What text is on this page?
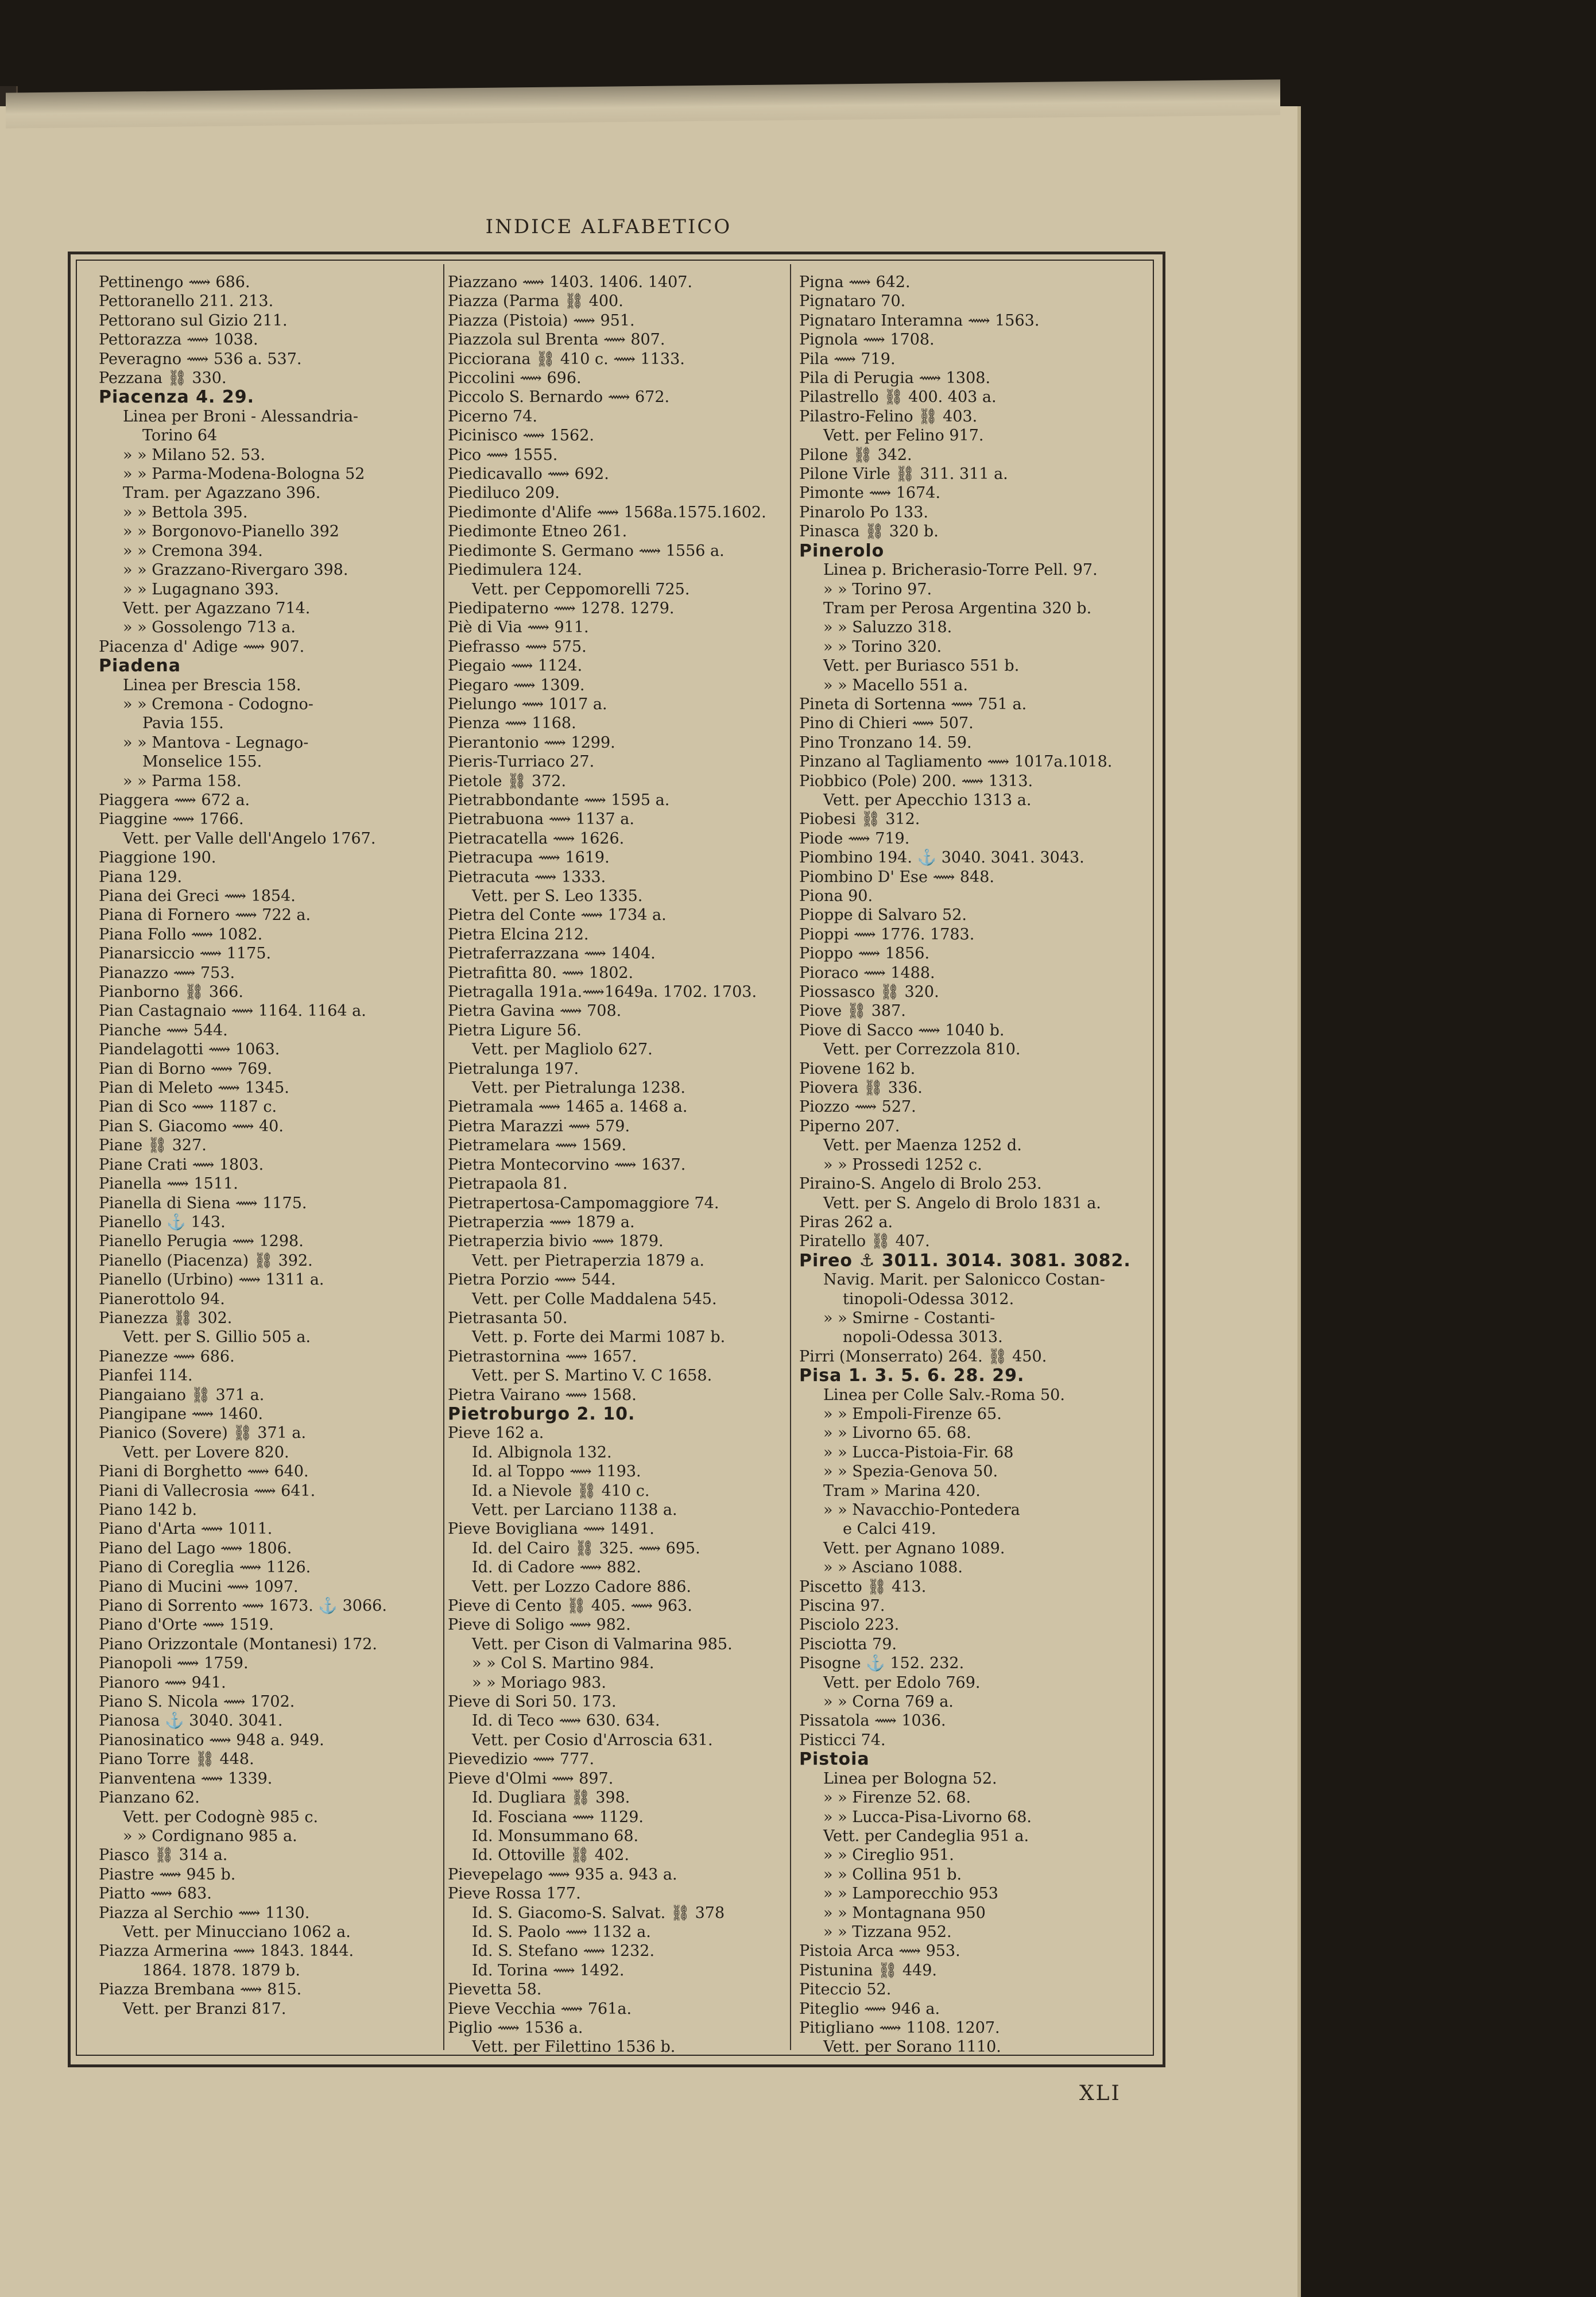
INDICE ALFABETICO
Pettinengo ⟿ 686.
Pettoranello 211. 213.
Pettorano sul Gizio 211.
Pettorazza ⟿ 1038.
Peveragno ⟿ 536 a. 537.
Pezzana ⛓ 330.
Piacenza 4. 29.
Linea per Broni - Alessandria-
Torino 64
» » Milano 52. 53.
» » Parma-Modena-Bologna 52
Tram. per Agazzano 396.
» » Bettola 395.
» » Borgonovo-Pianello 392
» » Cremona 394.
» » Grazzano-Rivergaro 398.
» » Lugagnano 393.
Vett. per Agazzano 714.
» » Gossolengo 713 a.
Piacenza d' Adige ⟿ 907.
Piadena
Linea per Brescia 158.
» » Cremona - Codogno-
Pavia 155.
» » Mantova - Legnago-
Monselice 155.
» » Parma 158.
Piaggera ⟿ 672 a.
Piaggine ⟿ 1766.
Vett. per Valle dell'Angelo 1767.
Piaggione 190.
Piana 129.
Piana dei Greci ⟿ 1854.
Piana di Fornero ⟿ 722 a.
Piana Follo ⟿ 1082.
Pianarsiccio ⟿ 1175.
Pianazzo ⟿ 753.
Pianborno ⛓ 366.
Pian Castagnaio ⟿ 1164. 1164 a.
Pianche ⟿ 544.
Piandelagotti ⟿ 1063.
Pian di Borno ⟿ 769.
Pian di Meleto ⟿ 1345.
Pian di Sco ⟿ 1187 c.
Pian S. Giacomo ⟿ 40.
Piane ⛓ 327.
Piane Crati ⟿ 1803.
Pianella ⟿ 1511.
Pianella di Siena ⟿ 1175.
Pianello ⚓ 143.
Pianello Perugia ⟿ 1298.
Pianello (Piacenza) ⛓ 392.
Pianello (Urbino) ⟿ 1311 a.
Pianerottolo 94.
Pianezza ⛓ 302.
Vett. per S. Gillio 505 a.
Pianezze ⟿ 686.
Pianfei 114.
Piangaiano ⛓ 371 a.
Piangipane ⟿ 1460.
Pianico (Sovere) ⛓ 371 a.
Vett. per Lovere 820.
Piani di Borghetto ⟿ 640.
Piani di Vallecrosia ⟿ 641.
Piano 142 b.
Piano d'Arta ⟿ 1011.
Piano del Lago ⟿ 1806.
Piano di Coreglia ⟿ 1126.
Piano di Mucini ⟿ 1097.
Piano di Sorrento ⟿ 1673. ⚓ 3066.
Piano d'Orte ⟿ 1519.
Piano Orizzontale (Montanesi) 172.
Pianopoli ⟿ 1759.
Pianoro ⟿ 941.
Piano S. Nicola ⟿ 1702.
Pianosa ⚓ 3040. 3041.
Pianosinatico ⟿ 948 a. 949.
Piano Torre ⛓ 448.
Pianventena ⟿ 1339.
Pianzano 62.
Vett. per Codognè 985 c.
» » Cordignano 985 a.
Piasco ⛓ 314 a.
Piastre ⟿ 945 b.
Piatto ⟿ 683.
Piazza al Serchio ⟿ 1130.
Vett. per Minucciano 1062 a.
Piazza Armerina ⟿ 1843. 1844.
1864. 1878. 1879 b.
Piazza Brembana ⟿ 815.
Vett. per Branzi 817.
Piazzano ⟿ 1403. 1406. 1407.
Piazza (Parma ⛓ 400.
Piazza (Pistoia) ⟿ 951.
Piazzola sul Brenta ⟿ 807.
Picciorana ⛓ 410 c. ⟿ 1133.
Piccolini ⟿ 696.
Piccolo S. Bernardo ⟿ 672.
Picerno 74.
Picinisco ⟿ 1562.
Pico ⟿ 1555.
Piedicavallo ⟿ 692.
Piediluco 209.
Piedimonte d'Alife ⟿ 1568a.1575.1602.
Piedimonte Etneo 261.
Piedimonte S. Germano ⟿ 1556 a.
Piedimulera 124.
Vett. per Ceppomorelli 725.
Piedipaterno ⟿ 1278. 1279.
Piè di Via ⟿ 911.
Piefrasso ⟿ 575.
Piegaio ⟿ 1124.
Piegaro ⟿ 1309.
Pielungo ⟿ 1017 a.
Pienza ⟿ 1168.
Pierantonio ⟿ 1299.
Pieris-Turriaco 27.
Pietole ⛓ 372.
Pietrabbondante ⟿ 1595 a.
Pietrabuona ⟿ 1137 a.
Pietracatella ⟿ 1626.
Pietracupa ⟿ 1619.
Pietracuta ⟿ 1333.
Vett. per S. Leo 1335.
Pietra del Conte ⟿ 1734 a.
Pietra Elcina 212.
Pietraferrazzana ⟿ 1404.
Pietrafitta 80. ⟿ 1802.
Pietragalla 191a.⟿1649a. 1702. 1703.
Pietra Gavina ⟿ 708.
Pietra Ligure 56.
Vett. per Magliolo 627.
Pietralunga 197.
Vett. per Pietralunga 1238.
Pietramala ⟿ 1465 a. 1468 a.
Pietra Marazzi ⟿ 579.
Pietramelara ⟿ 1569.
Pietra Montecorvino ⟿ 1637.
Pietrapaola 81.
Pietrapertosa-Campomaggiore 74.
Pietraperzia ⟿ 1879 a.
Pietraperzia bivio ⟿ 1879.
Vett. per Pietraperzia 1879 a.
Pietra Porzio ⟿ 544.
Vett. per Colle Maddalena 545.
Pietrasanta 50.
Vett. p. Forte dei Marmi 1087 b.
Pietrastornina ⟿ 1657.
Vett. per S. Martino V. C 1658.
Pietra Vairano ⟿ 1568.
Pietroburgo 2. 10.
Pieve 162 a.
Id. Albignola 132.
Id. al Toppo ⟿ 1193.
Id. a Nievole ⛓ 410 c.
Vett. per Larciano 1138 a.
Pieve Bovigliana ⟿ 1491.
Id. del Cairo ⛓ 325. ⟿ 695.
Id. di Cadore ⟿ 882.
Vett. per Lozzo Cadore 886.
Pieve di Cento ⛓ 405. ⟿ 963.
Pieve di Soligo ⟿ 982.
Vett. per Cison di Valmarina 985.
» » Col S. Martino 984.
» » Moriago 983.
Pieve di Sori 50. 173.
Id. di Teco ⟿ 630. 634.
Vett. per Cosio d'Arroscia 631.
Pievedizio ⟿ 777.
Pieve d'Olmi ⟿ 897.
Id. Dugliara ⛓ 398.
Id. Fosciana ⟿ 1129.
Id. Monsummano 68.
Id. Ottoville ⛓ 402.
Pievepelago ⟿ 935 a. 943 a.
Pieve Rossa 177.
Id. S. Giacomo-S. Salvat. ⛓ 378
Id. S. Paolo ⟿ 1132 a.
Id. S. Stefano ⟿ 1232.
Id. Torina ⟿ 1492.
Pievetta 58.
Pieve Vecchia ⟿ 761a.
Piglio ⟿ 1536 a.
Vett. per Filettino 1536 b.
Pigna ⟿ 642.
Pignataro 70.
Pignataro Interamna ⟿ 1563.
Pignola ⟿ 1708.
Pila ⟿ 719.
Pila di Perugia ⟿ 1308.
Pilastrello ⛓ 400. 403 a.
Pilastro-Felino ⛓ 403.
Vett. per Felino 917.
Pilone ⛓ 342.
Pilone Virle ⛓ 311. 311 a.
Pimonte ⟿ 1674.
Pinarolo Po 133.
Pinasca ⛓ 320 b.
Pinerolo
Linea p. Bricherasio-Torre Pell. 97.
» » Torino 97.
Tram per Perosa Argentina 320 b.
» » Saluzzo 318.
» » Torino 320.
Vett. per Buriasco 551 b.
» » Macello 551 a.
Pineta di Sortenna ⟿ 751 a.
Pino di Chieri ⟿ 507.
Pino Tronzano 14. 59.
Pinzano al Tagliamento ⟿ 1017a.1018.
Piobbico (Pole) 200. ⟿ 1313.
Vett. per Apecchio 1313 a.
Piobesi ⛓ 312.
Piode ⟿ 719.
Piombino 194. ⚓ 3040. 3041. 3043.
Piombino D' Ese ⟿ 848.
Piona 90.
Pioppe di Salvaro 52.
Pioppi ⟿ 1776. 1783.
Pioppo ⟿ 1856.
Pioraco ⟿ 1488.
Piossasco ⛓ 320.
Piove ⛓ 387.
Piove di Sacco ⟿ 1040 b.
Vett. per Correzzola 810.
Piovene 162 b.
Piovera ⛓ 336.
Piozzo ⟿ 527.
Piperno 207.
Vett. per Maenza 1252 d.
» » Prossedi 1252 c.
Piraino-S. Angelo di Brolo 253.
Vett. per S. Angelo di Brolo 1831 a.
Piras 262 a.
Piratello ⛓ 407.
Pireo ⚓ 3011. 3014. 3081. 3082.
Navig. Marit. per Salonicco Costan-
tinopoli-Odessa 3012.
» » Smirne - Costanti-
nopoli-Odessa 3013.
Pirri (Monserrato) 264. ⛓ 450.
Pisa 1. 3. 5. 6. 28. 29.
Linea per Colle Salv.-Roma 50.
» » Empoli-Firenze 65.
» » Livorno 65. 68.
» » Lucca-Pistoia-Fir. 68
» » Spezia-Genova 50.
Tram » Marina 420.
» » Navacchio-Pontedera
e Calci 419.
Vett. per Agnano 1089.
» » Asciano 1088.
Piscetto ⛓ 413.
Piscina 97.
Pisciolo 223.
Pisciotta 79.
Pisogne ⚓ 152. 232.
Vett. per Edolo 769.
» » Corna 769 a.
Pissatola ⟿ 1036.
Pisticci 74.
Pistoia
Linea per Bologna 52.
» » Firenze 52. 68.
» » Lucca-Pisa-Livorno 68.
Vett. per Candeglia 951 a.
» » Cireglio 951.
» » Collina 951 b.
» » Lamporecchio 953
» » Montagnana 950
» » Tizzana 952.
Pistoia Arca ⟿ 953.
Pistunina ⛓ 449.
Piteccio 52.
Piteglio ⟿ 946 a.
Pitigliano ⟿ 1108. 1207.
Vett. per Sorano 1110.
XLI
